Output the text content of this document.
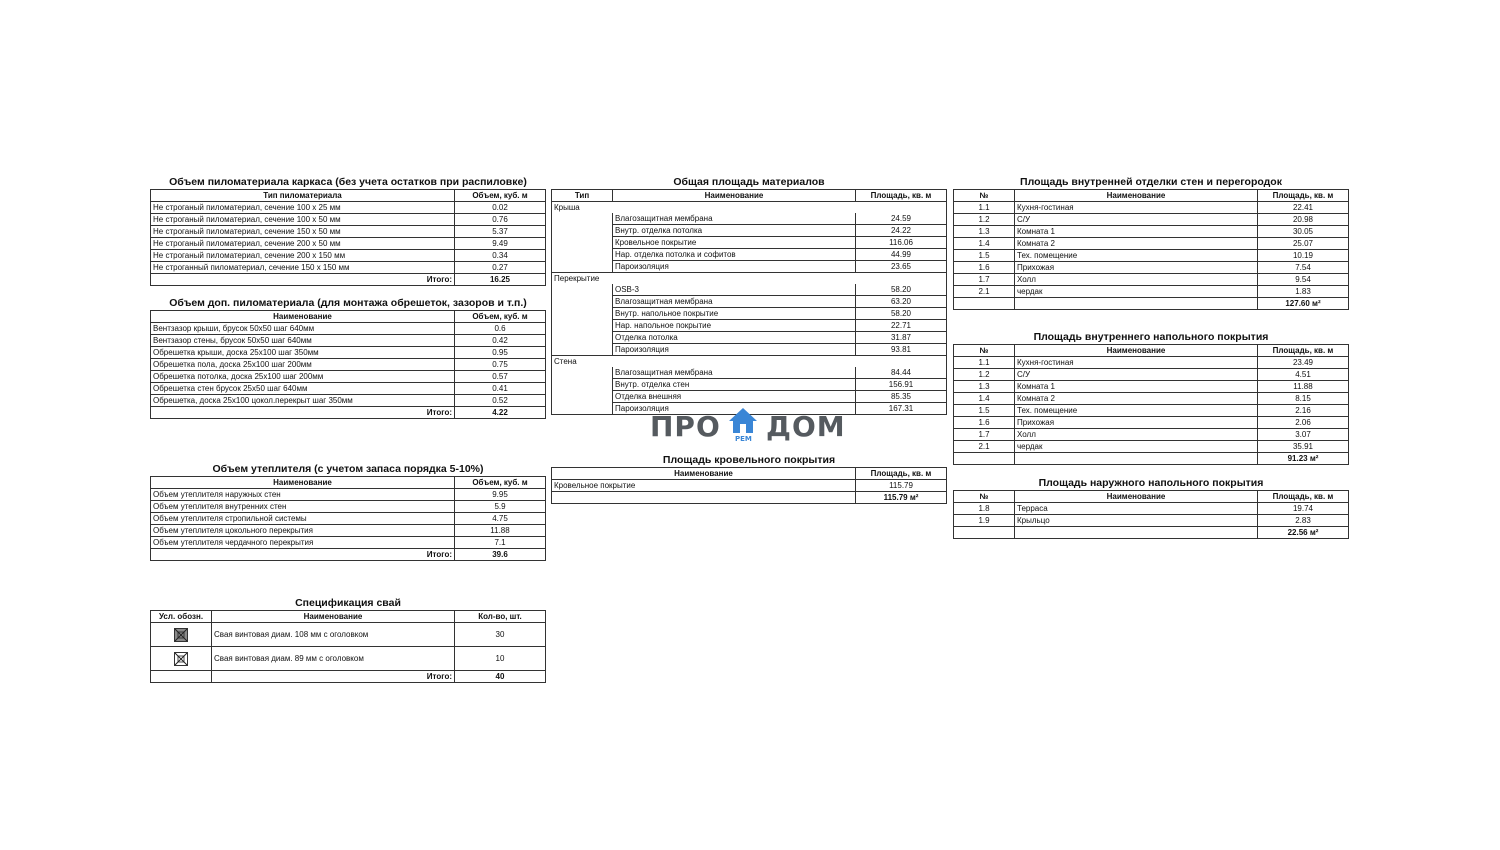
Объем пиломатериала каркаса (без учета остатков при распиловке)
Тип пиломатериала	Объем, куб. м
Не строганый пиломатериал, сечение 100 х 25 мм	0.02
Не строганый пиломатериал, сечение 100 х 50 мм	0.76
Не строганый пиломатериал, сечение 150 х 50 мм	5.37
Не строганый пиломатериал, сечение 200 х 50 мм	9.49
Не строганый пиломатериал, сечение 200 х 150 мм	0.34
Не строганный пиломатериал, сечение 150 х 150 мм	0.27
Итого:	16.25
Объем доп. пиломатериала (для монтажа обрешеток, зазоров и т.п.)
Наименование	Объем, куб. м
Вентзазор крыши, брусок 50х50 шаг 640мм	0.6
Вентзазор стены, брусок 50х50 шаг 640мм	0.42
Обрешетка крыши, доска 25х100 шаг 350мм	0.95
Обрешетка пола, доска 25х100 шаг 200мм	0.75
Обрешетка потолка, доска 25х100 шаг 200мм	0.57
Обрешетка стен брусок 25х50 шаг 640мм	0.41
Обрешетка, доска 25х100 цокол.перекрыт шаг 350мм	0.52
Итого:	4.22
Объем утеплителя (с учетом запаса порядка 5-10%)
Наименование	Объем, куб. м
Объем утеплителя наружных стен	9.95
Объем утеплителя внутренних стен	5.9
Объем утеплителя стропильной системы	4.75
Объем утеплителя цокольного перекрытия	11.88
Объем утеплителя чердачного перекрытия	7.1
Итого:	39.6
Спецификация свай
Усл. обозн.	Наименование	Кол-во, шт.

	Свая винтовая диам. 108 мм с оголовком	30

	Свая винтовая диам. 89 мм с оголовком	10
	Итого:	40
Общая площадь материалов
Тип	Наименование	Площадь, кв. м
Крыша		
	Влагозащитная мембрана	24.59
	Внутр. отделка потолка	24.22
	Кровельное покрытие	116.06
	Нар. отделка потолка и софитов	44.99
	Пароизоляция	23.65
Перекрытие		
	OSB-3	58.20
	Влагозащитная мембрана	63.20
	Внутр. напольное покрытие	58.20
	Нар. напольное покрытие	22.71
	Отделка потолка	31.87
	Пароизоляция	93.81
Стена		
	Влагозащитная мембрана	84.44
	Внутр. отделка стен	156.91
	Отделка внешняя	85.35
	Пароизоляция	167.31
ПРО ДОМ
РЕМ
Площадь кровельного покрытия
Наименование	Площадь, кв. м
Кровельное покрытие	115.79
	115.79 м²
Площадь внутренней отделки стен и перегородок
№	Наименование	Площадь, кв. м
1.1	Кухня-гостиная	22.41
1.2	С/У	20.98
1.3	Комната 1	30.05
1.4	Комната 2	25.07
1.5	Тех. помещение	10.19
1.6	Прихожая	7.54
1.7	Холл	9.54
2.1	чердак	1.83
		127.60 м²
Площадь внутреннего напольного покрытия
№	Наименование	Площадь, кв. м
1.1	Кухня-гостиная	23.49
1.2	С/У	4.51
1.3	Комната 1	11.88
1.4	Комната 2	8.15
1.5	Тех. помещение	2.16
1.6	Прихожая	2.06
1.7	Холл	3.07
2.1	чердак	35.91
		91.23 м²
Площадь наружного напольного покрытия
№	Наименование	Площадь, кв. м
1.8	Терраса	19.74
1.9	Крыльцо	2.83
		22.56 м²
